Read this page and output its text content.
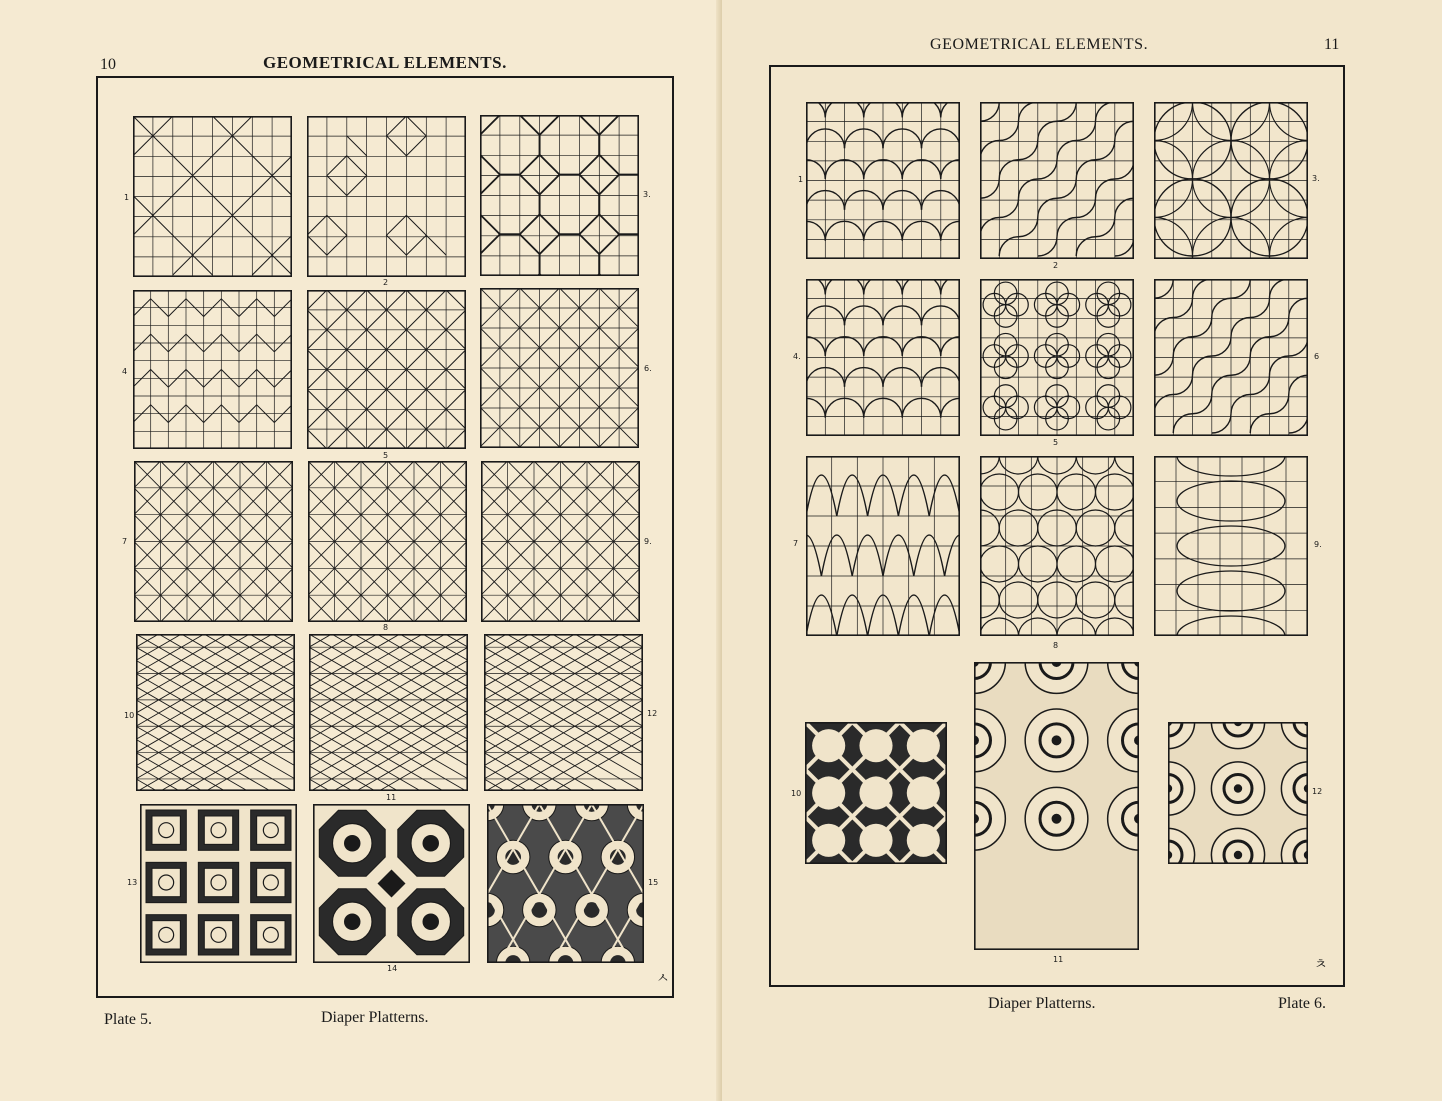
10	GEOMETRICAL ELEMENTS.
1
2
3.
4
5
6.
7
8
9.
10
11
12
13
14
15
ㅅ
Plate 5.	Diaper Platterns.
GEOMETRICAL ELEMENTS.	11
1
2
3.
4.
5
6
7
8
9.
10
11
12
ㅊ
Diaper Platterns.	Plate 6.
